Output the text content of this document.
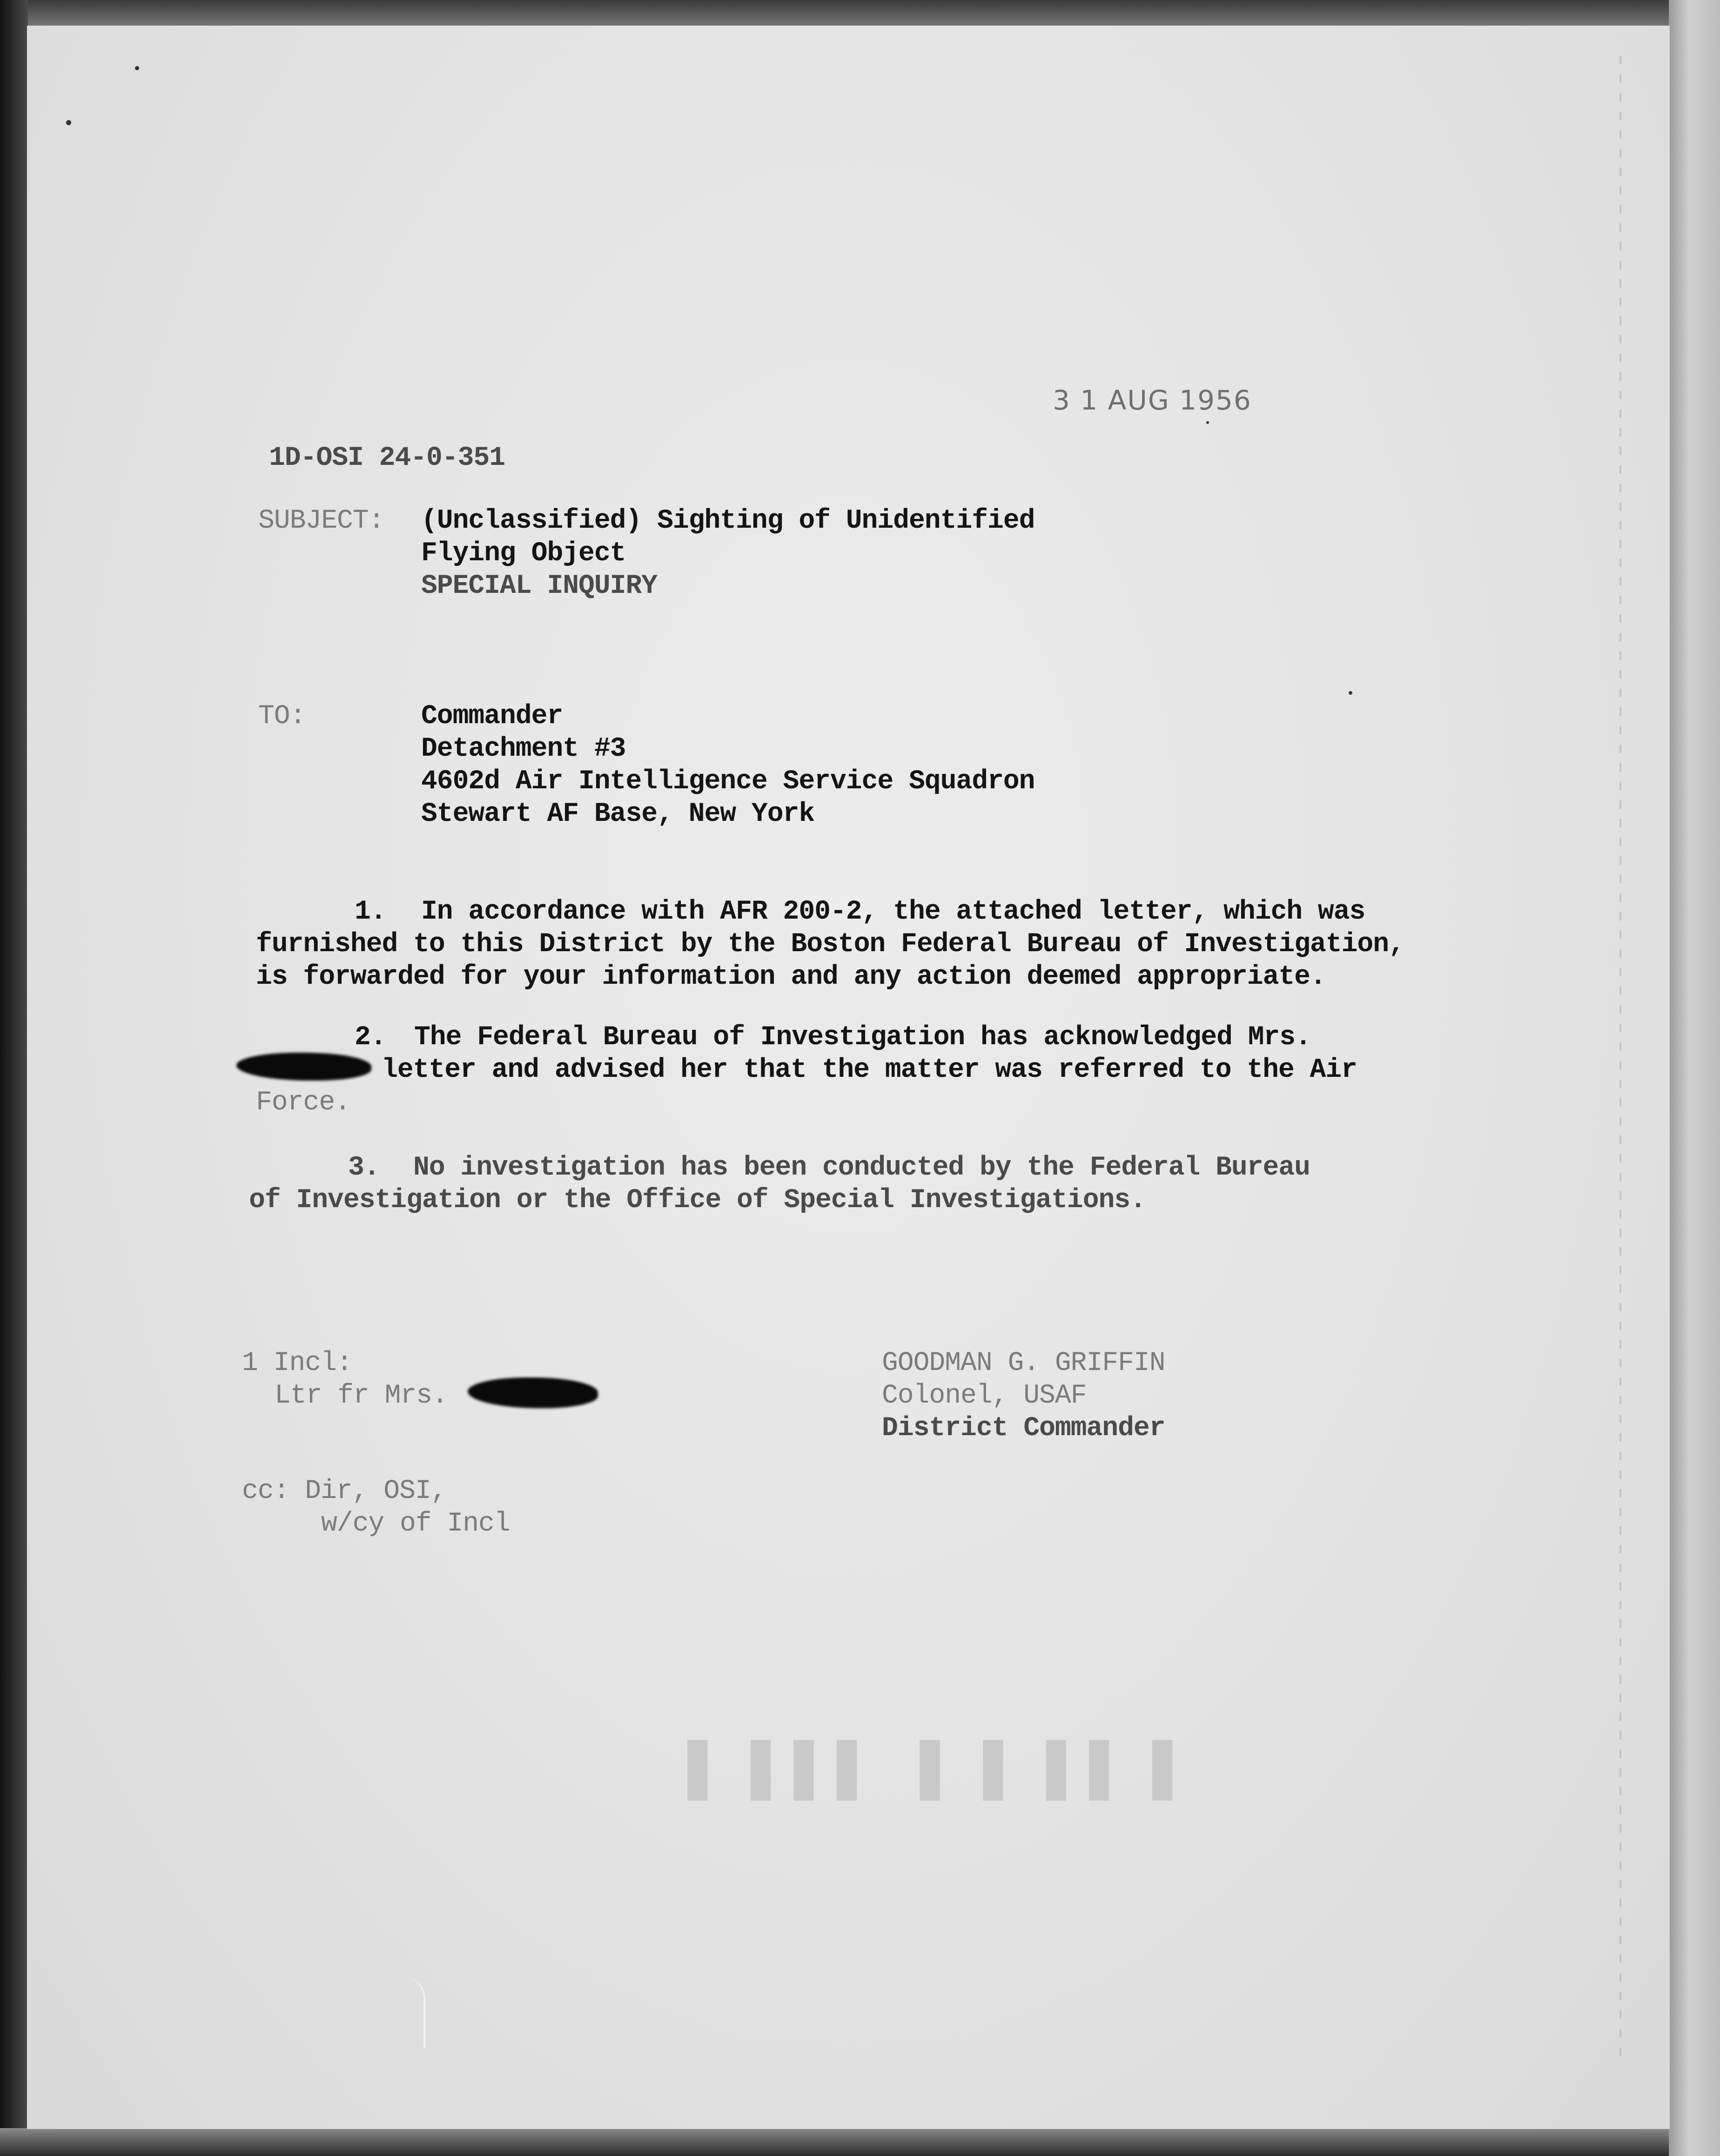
3 1 AUG 1956
1D-OSI 24-0-351
SUBJECT: (Unclassified) Sighting of Unidentified
Flying Object
SPECIAL INQUIRY
TO:	Commander
Detachment #3
4602d Air Intelligence Service Squadron
Stewart AF Base, New York
1. In accordance with AFR 200-2, the attached letter, which was
furnished to this District by the Boston Federal Bureau of Investigation,
is forwarded for your information and any action deemed appropriate.
2. The Federal Bureau of Investigation has acknowledged Mrs.
letter and advised her that the matter was referred to the Air
Force.
3. No investigation has been conducted by the Federal Bureau
of Investigation or the Office of Special Investigations.
1 Incl:
Ltr fr Mrs.
GOODMAN G. GRIFFIN
Colonel, USAF
District Commander
cc: Dir, OSI,
w/cy of Incl
▌▐ ▌ ▌▐  ▐▐ ▌▐
